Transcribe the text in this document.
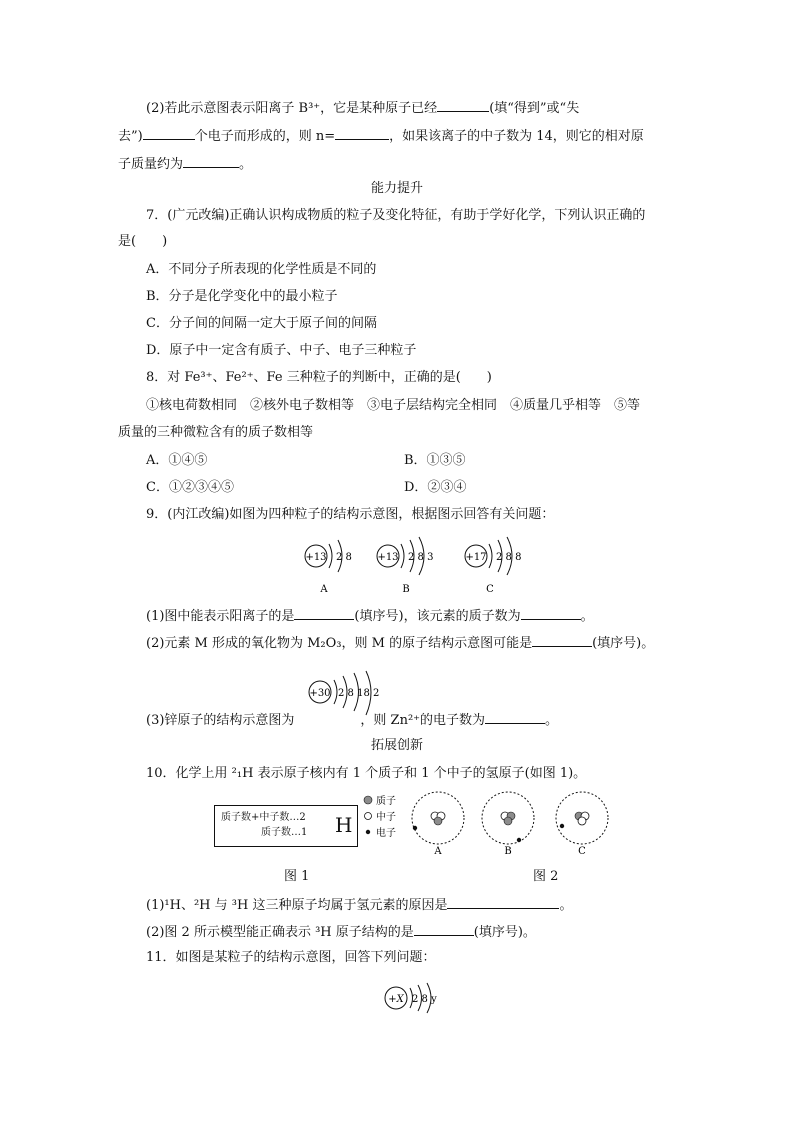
(2)若此示意图表示阳离子 B³⁺，它是某种原子已经	(填“得到”或“失
去”)	个电子而形成的，则 n=	，如果该离子的中子数为 14，则它的相对原
子质量约为	。
能力提升
7．(广元改编)正确认识构成物质的粒子及变化特征，有助于学好化学，下列认识正确的
是(　　)
A．不同分子所表现的化学性质是不同的
B．分子是化学变化中的最小粒子
C．分子间的间隔一定大于原子间的间隔
D．原子中一定含有质子、中子、电子三种粒子
8．对 Fe³⁺、Fe²⁺、Fe 三种粒子的判断中，正确的是(　　)
①核电荷数相同　②核外电子数相等　③电子层结构完全相同　④质量几乎相等　⑤等
质量的三种微粒含有的质子数相等
A．①④⑤	B．①③⑤
C．①②③④⑤	D．②③④
9．(内江改编)如图为四种粒子的结构示意图，根据图示回答有关问题：
+13 2 8
A
+13 2 8 3
B
+17 2 8 8
C
(1)图中能表示阳离子的是	(填序号)，该元素的质子数为	。
(2)元素 M 形成的氧化物为 M₂O₃，则 M 的原子结构示意图可能是	(填序号)。
+30 2 8 18 2
(3)锌原子的结构示意图为	，则 Zn²⁺的电子数为	。
拓展创新
10．化学上用 ²₁H 表示原子核内有 1 个质子和 1 个中子的氢原子(如图 1)。
质子数+中子数…2
质子数…1 H
质子
中子
电子
A	B	C
图 1	图 2
(1)¹H、²H 与 ³H 这三种原子均属于氢元素的原因是	。
(2)图 2 所示模型能正确表示 ³H 原子结构的是	(填序号)。
11．如图是某粒子的结构示意图，回答下列问题：
+X 2 8 y
